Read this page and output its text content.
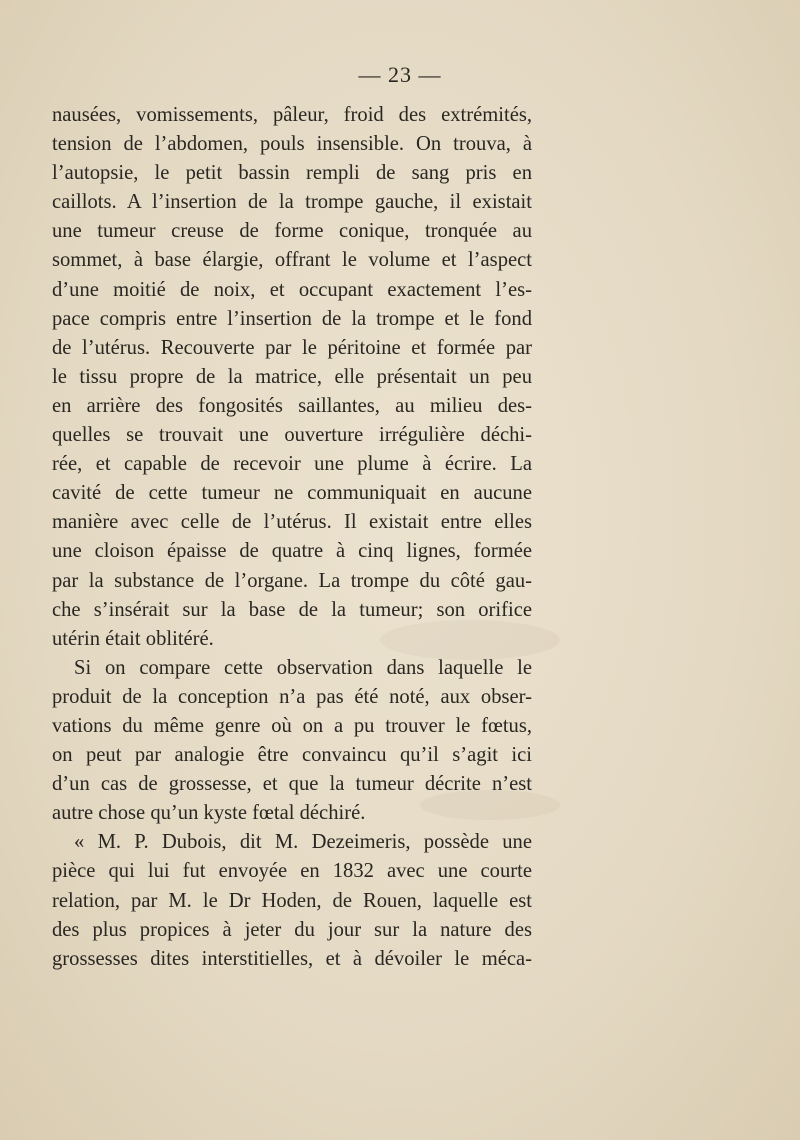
— 23 —
nausées, vomissements, pâleur, froid des extrémités,
tension de l’abdomen, pouls insensible. On trouva, à
l’autopsie, le petit bassin rempli de sang pris en
caillots. A l’insertion de la trompe gauche, il existait
une tumeur creuse de forme conique, tronquée au
sommet, à base élargie, offrant le volume et l’aspect
d’une moitié de noix, et occupant exactement l’es-
pace compris entre l’insertion de la trompe et le fond
de l’utérus. Recouverte par le péritoine et formée par
le tissu propre de la matrice, elle présentait un peu
en arrière des fongosités saillantes, au milieu des-
quelles se trouvait une ouverture irrégulière déchi-
rée, et capable de recevoir une plume à écrire. La
cavité de cette tumeur ne communiquait en aucune
manière avec celle de l’utérus. Il existait entre elles
une cloison épaisse de quatre à cinq lignes, formée
par la substance de l’organe. La trompe du côté gau-
che s’insérait sur la base de la tumeur; son orifice
utérin était oblitéré.
Si on compare cette observation dans laquelle le
produit de la conception n’a pas été noté, aux obser-
vations du même genre où on a pu trouver le fœtus,
on peut par analogie être convaincu qu’il s’agit ici
d’un cas de grossesse, et que la tumeur décrite n’est
autre chose qu’un kyste fœtal déchiré.
« M. P. Dubois, dit M. Dezeimeris, possède une
pièce qui lui fut envoyée en 1832 avec une courte
relation, par M. le Dr Hoden, de Rouen, laquelle est
des plus propices à jeter du jour sur la nature des
grossesses dites interstitielles, et à dévoiler le méca-
